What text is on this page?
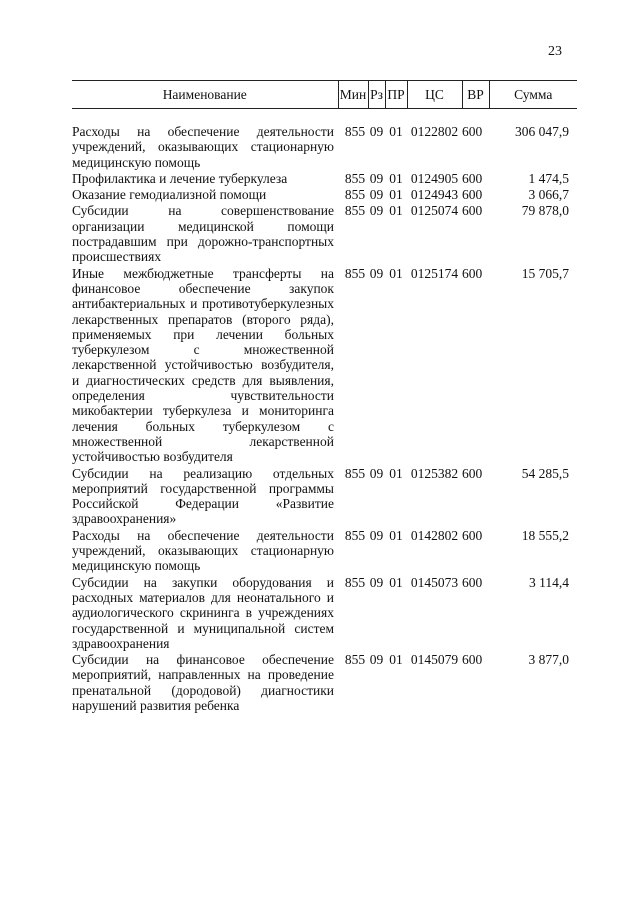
23
Наименование	Мин	Рз	ПР	ЦС	ВР	Сумма

Расходы на обеспечение деятельности учреждений, оказывающих стационарную медицинскую помощь	855	09	01	0122802	600	306 047,9
Профилактика и лечение туберкулеза	855	09	01	0124905	600	1 474,5
Оказание гемодиализной помощи	855	09	01	0124943	600	3 066,7
Субсидии на совершенствование организации медицинской помощи пострадавшим при дорожно-транспортных происшествиях	855	09	01	0125074	600	79 878,0
Иные межбюджетные трансферты на финансовое обеспечение закупок антибактериальных и противотуберкулезных лекарственных препаратов (второго ряда), применяемых при лечении больных туберкулезом с множественной лекарственной устойчивостью возбудителя, и диагностических средств для выявления, определения чувствительности микобактерии туберкулеза и мониторинга лечения больных туберкулезом с множественной лекарственной устойчивостью возбудителя	855	09	01	0125174	600	15 705,7
Субсидии на реализацию отдельных мероприятий государственной программы Российской Федерации «Развитие здравоохранения»	855	09	01	0125382	600	54 285,5
Расходы на обеспечение деятельности учреждений, оказывающих стационарную медицинскую помощь	855	09	01	0142802	600	18 555,2
Субсидии на закупки оборудования и расходных материалов для неонатального и аудиологического скрининга в учреждениях государственной и муниципальной систем здравоохранения	855	09	01	0145073	600	3 114,4
Субсидии на финансовое обеспечение мероприятий, направленных на проведение пренатальной (дородовой) диагностики нарушений развития ребенка	855	09	01	0145079	600	3 877,0
